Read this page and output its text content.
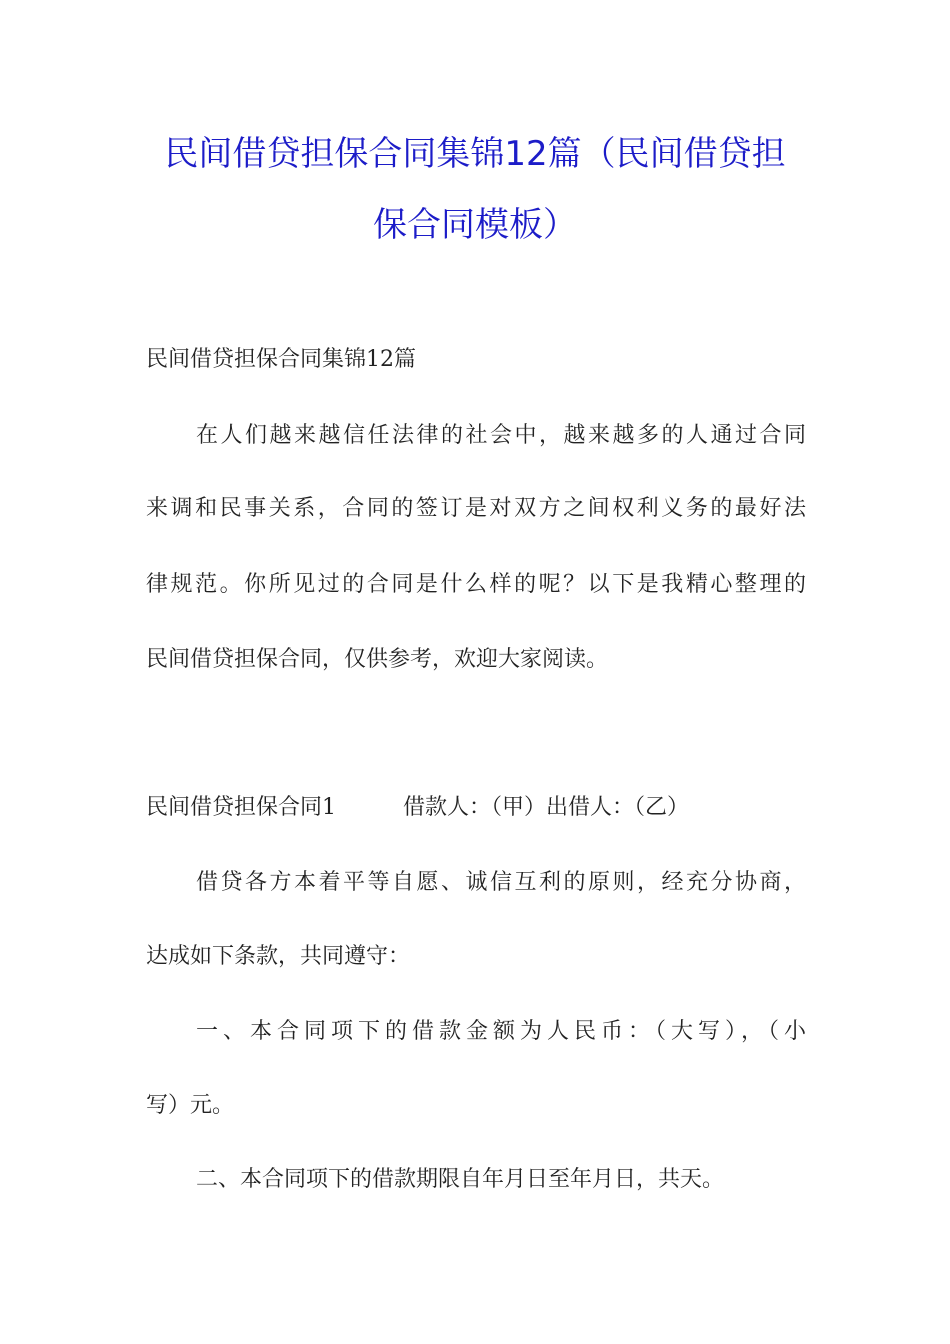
民间借贷担保合同集锦12篇（民间借贷担
保合同模板）

民间借贷担保合同集锦12篇

在人们越来越信任法律的社会中，越来越多的人通过合同

来调和民事关系，合同的签订是对双方之间权利义务的最好法

律规范。你所见过的合同是什么样的呢？以下是我精心整理的

民间借贷担保合同，仅供参考，欢迎大家阅读。

民间借贷担保合同1	借款人：（甲）出借人：（乙）

借贷各方本着平等自愿、诚信互利的原则，经充分协商，

达成如下条款，共同遵守：

一、本合同项下的借款金额为人民币：（大写），（小

写）元。

二、本合同项下的借款期限自年月日至年月日，共天。
